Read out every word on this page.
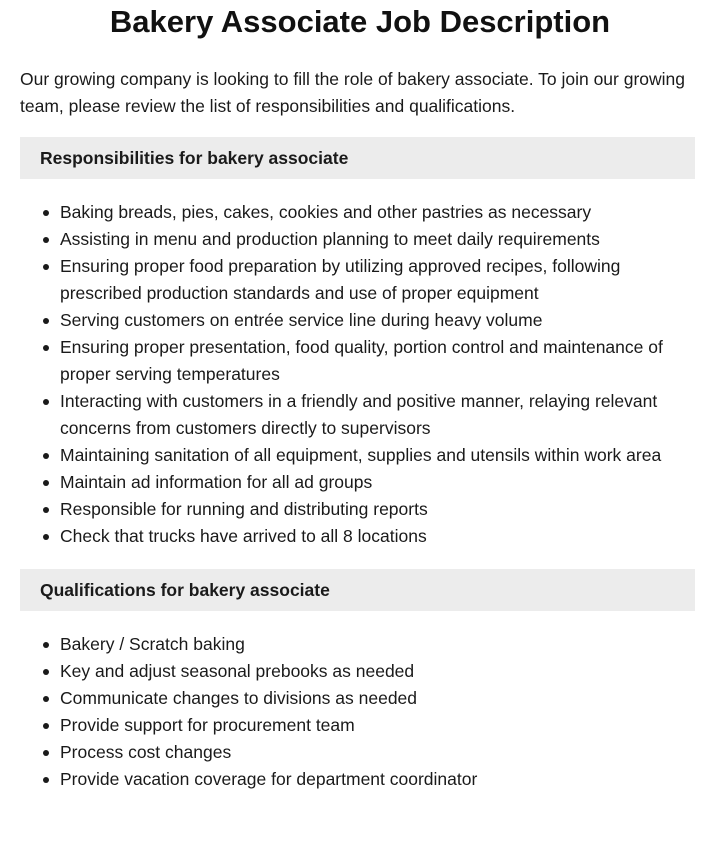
Bakery Associate Job Description

Our growing company is looking to fill the role of bakery associate. To join our growing team, please review the list of responsibilities and qualifications.

Responsibilities for bakery associate
Baking breads, pies, cakes, cookies and other pastries as necessary
Assisting in menu and production planning to meet daily requirements
Ensuring proper food preparation by utilizing approved recipes, following prescribed production standards and use of proper equipment
Serving customers on entrée service line during heavy volume
Ensuring proper presentation, food quality, portion control and maintenance of proper serving temperatures
Interacting with customers in a friendly and positive manner, relaying relevant concerns from customers directly to supervisors
Maintaining sanitation of all equipment, supplies and utensils within work area
Maintain ad information for all ad groups
Responsible for running and distributing reports
Check that trucks have arrived to all 8 locations
Qualifications for bakery associate
Bakery / Scratch baking
Key and adjust seasonal prebooks as needed
Communicate changes to divisions as needed
Provide support for procurement team
Process cost changes
Provide vacation coverage for department coordinator
